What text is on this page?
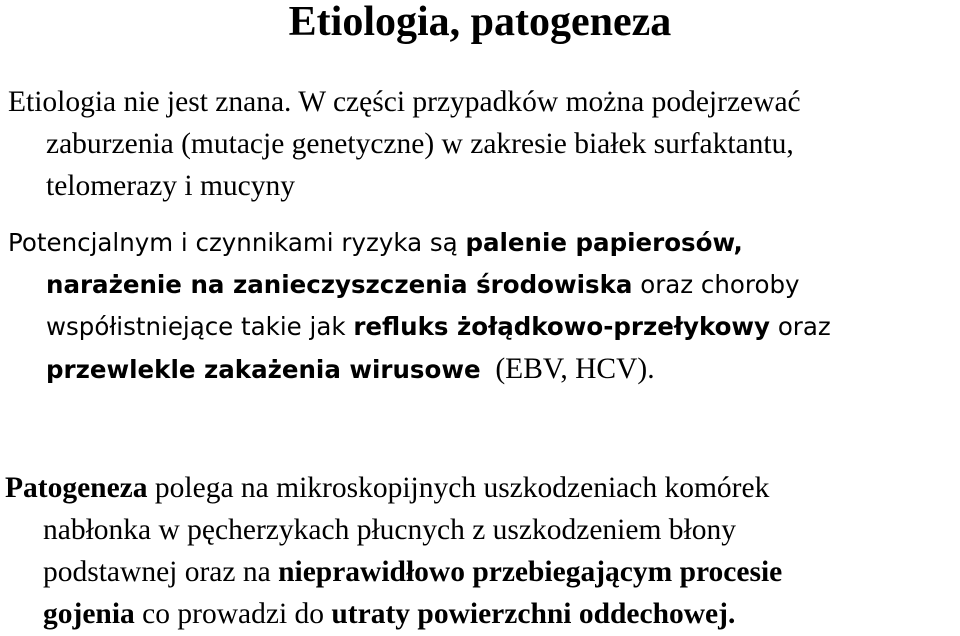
Etiologia, patogeneza
Etiologia nie jest znana. W części przypadków można podejrzewać
zaburzenia (mutacje genetyczne) w zakresie białek surfaktantu,
telomerazy i mucyny
Potencjalnym i czynnikami ryzyka są palenie papierosów,
narażenie na zanieczyszczenia środowiska oraz choroby
współistniejące takie jak refluks żołądkowo-przełykowy oraz
przewlekle zakażenia wirusowe  (EBV, HCV).
Patogeneza polega na mikroskopijnych uszkodzeniach komórek
nabłonka w pęcherzykach płucnych z uszkodzeniem błony
podstawnej oraz na nieprawidłowo przebiegającym procesie
gojenia co prowadzi do utraty powierzchni oddechowej.
